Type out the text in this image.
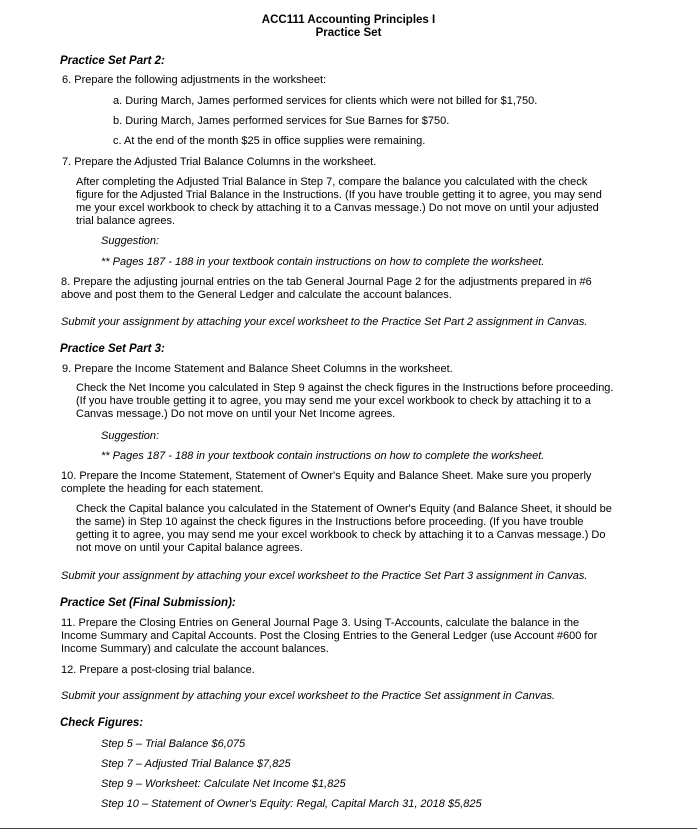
ACC111 Accounting Principles I
Practice Set
Practice Set Part 2:
6. Prepare the following adjustments in the worksheet:
a. During March, James performed services for clients which were not billed for $1,750.
b. During March, James performed services for Sue Barnes for $750.
c. At the end of the month $25 in office supplies were remaining.
7. Prepare the Adjusted Trial Balance Columns in the worksheet.
After completing the Adjusted Trial Balance in Step 7, compare the balance you calculated with the check
figure for the Adjusted Trial Balance in the Instructions. (If you have trouble getting it to agree, you may send
me your excel workbook to check by attaching it to a Canvas message.) Do not move on until your adjusted
trial balance agrees.
Suggestion:
** Pages 187 - 188 in your textbook contain instructions on how to complete the worksheet.
8. Prepare the adjusting journal entries on the tab General Journal Page 2 for the adjustments prepared in #6
above and post them to the General Ledger and calculate the account balances.
Submit your assignment by attaching your excel worksheet to the Practice Set Part 2 assignment in Canvas.
Practice Set Part 3:
9. Prepare the Income Statement and Balance Sheet Columns in the worksheet.
Check the Net Income you calculated in Step 9 against the check figures in the Instructions before proceeding.
(If you have trouble getting it to agree, you may send me your excel workbook to check by attaching it to a
Canvas message.) Do not move on until your Net Income agrees.
Suggestion:
** Pages 187 - 188 in your textbook contain instructions on how to complete the worksheet.
10. Prepare the Income Statement, Statement of Owner's Equity and Balance Sheet. Make sure you properly
complete the heading for each statement.
Check the Capital balance you calculated in the Statement of Owner's Equity (and Balance Sheet, it should be
the same) in Step 10 against the check figures in the Instructions before proceeding. (If you have trouble
getting it to agree, you may send me your excel workbook to check by attaching it to a Canvas message.) Do
not move on until your Capital balance agrees.
Submit your assignment by attaching your excel worksheet to the Practice Set Part 3 assignment in Canvas.
Practice Set (Final Submission):
11. Prepare the Closing Entries on General Journal Page 3. Using T-Accounts, calculate the balance in the
Income Summary and Capital Accounts. Post the Closing Entries to the General Ledger (use Account #600 for
Income Summary) and calculate the account balances.
12. Prepare a post-closing trial balance.
Submit your assignment by attaching your excel worksheet to the Practice Set assignment in Canvas.
Check Figures:
Step 5 – Trial Balance $6,075
Step 7 – Adjusted Trial Balance $7,825
Step 9 – Worksheet: Calculate Net Income $1,825
Step 10 – Statement of Owner's Equity: Regal, Capital March 31, 2018 $5,825
